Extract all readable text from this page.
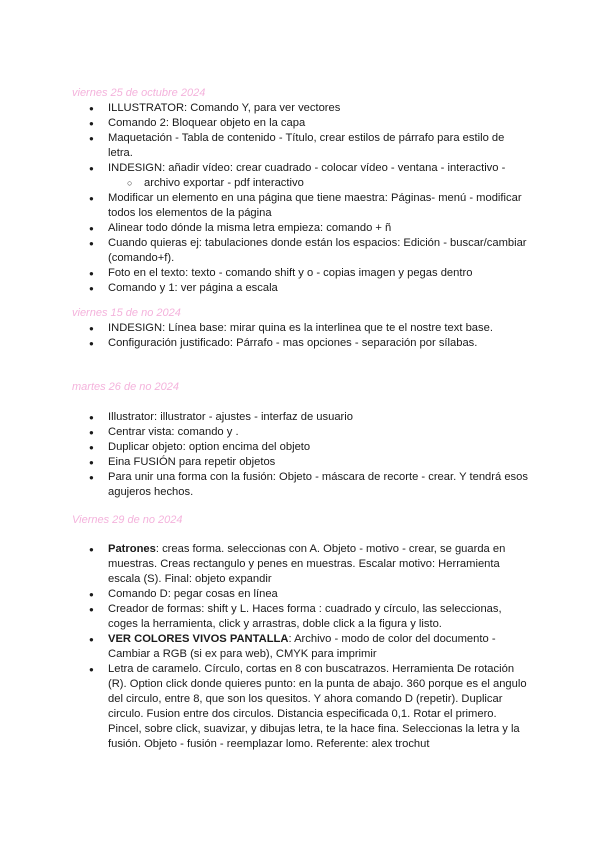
viernes 25 de octubre 2024

● ILLUSTRATOR: Comando Y, para ver vectores
● Comando 2: Bloquear objeto en la capa
● Maquetación - Tabla de contenido - Título, crear estilos de párrafo para estilo de letra.
● INDESIGN: añadir vídeo: crear cuadrado - colocar vídeo - ventana - interactivo -
○ archivo exportar - pdf interactivo
● Modificar un elemento en una página que tiene maestra: Páginas- menú - modificar todos los elementos de la página
● Alinear todo dónde la misma letra empieza: comando + ñ
● Cuando quieras ej: tabulaciones donde están los espacios: Edición - buscar/cambiar (comando+f).
● Foto en el texto: texto - comando shift y o - copias imagen y pegas dentro
● Comando y 1: ver página a escala

viernes 15 de no 2024

● INDESIGN: Línea base: mirar quina es la interlinea que te el nostre text base.
● Configuración justificado: Párrafo - mas opciones - separación por sílabas.

martes 26 de no 2024

● Illustrator: illustrator - ajustes - interfaz de usuario
● Centrar vista: comando y .
● Duplicar objeto: option encima del objeto
● Eina FUSIÓN para repetir objetos
● Para unir una forma con la fusión: Objeto - máscara de recorte - crear. Y tendrá esos agujeros hechos.

Viernes 29 de no 2024

● Patrones: creas forma. seleccionas con A. Objeto - motivo - crear, se guarda en muestras. Creas rectangulo y penes en muestras. Escalar motivo: Herramienta escala (S). Final: objeto expandir
● Comando D: pegar cosas en línea
● Creador de formas: shift y L. Haces forma : cuadrado y círculo, las seleccionas, coges la herramienta, click y arrastras, doble click a la figura y listo.
● VER COLORES VIVOS PANTALLA: Archivo - modo de color del documento - Cambiar a RGB (si ex para web), CMYK para imprimir
● Letra de caramelo. Círculo, cortas en 8 con buscatrazos. Herramienta De rotación (R). Option click donde quieres punto: en la punta de abajo. 360 porque es el angulo del circulo, entre 8, que son los quesitos. Y ahora comando D (repetir). Duplicar circulo. Fusion entre dos circulos. Distancia especificada 0,1. Rotar el primero. Pincel, sobre click, suavizar, y dibujas letra, te la hace fina. Seleccionas la letra y la fusión. Objeto - fusión - reemplazar lomo. Referente: alex trochut
